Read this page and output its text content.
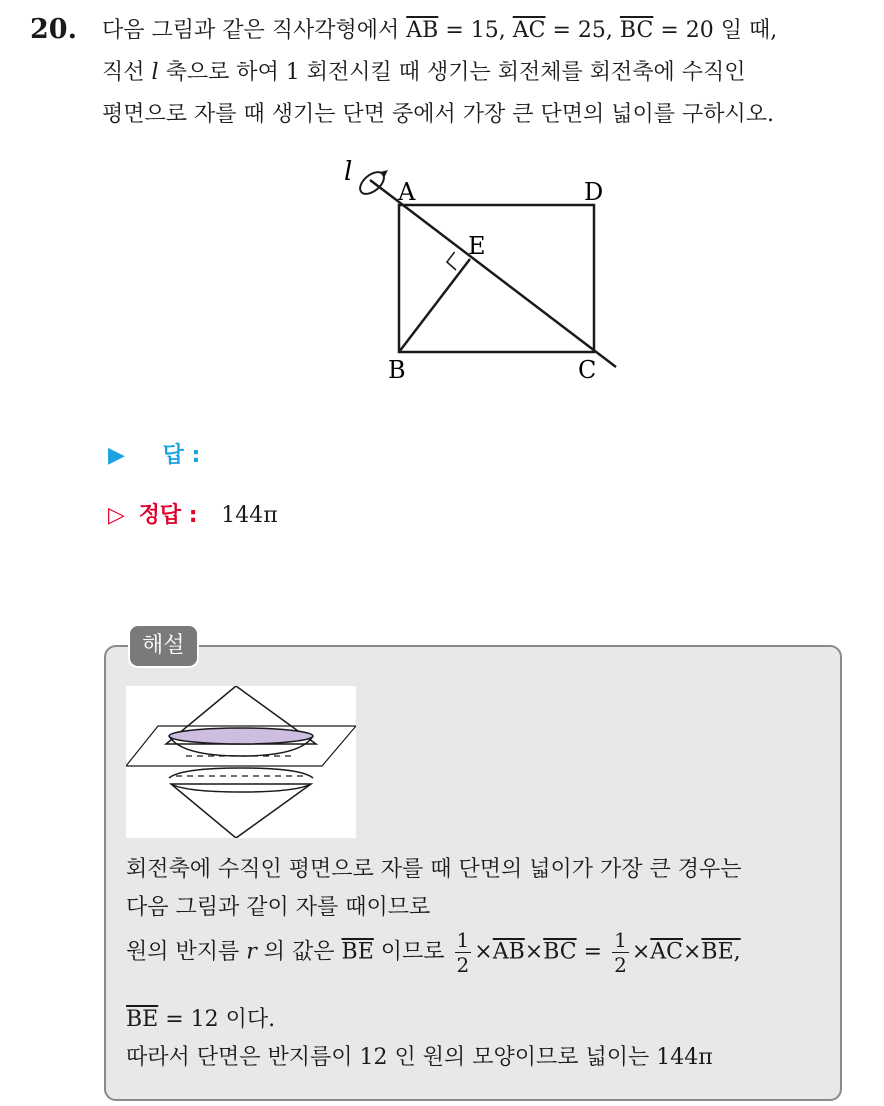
20. 다음 그림과 같은 직사각형에서 $\overline{AB} = 15$, $\overline{AC} = 25$, $\overline{BC} = 20$ 일 때,
직선 l 축으로 하여 1 회전시킬 때 생기는 회전체를 회전축에 수직인
평면으로 자를 때 생기는 단면 중에서 가장 큰 단면의 넓이를 구하시오.
l
A	D
E
B	C
▶ 답 :
▷ 정답 : 144π
해설
회전축에 수직인 평면으로 자를 때 단면의 넓이가 가장 큰 경우는
다음 그림과 같이 자를 때이므로
원의 반지름 r 의 값은 $\overline{BE}$ 이므로 $\frac{1}{2} \times\overline{AB}\times\overline{BC} = \frac{1}{2} \times\overline{AC}\times BE$,
$\overline{BE} = 12$ 이다.
따라서 단면은 반지름이 12 인 원의 모양이므로 넓이는 144π
